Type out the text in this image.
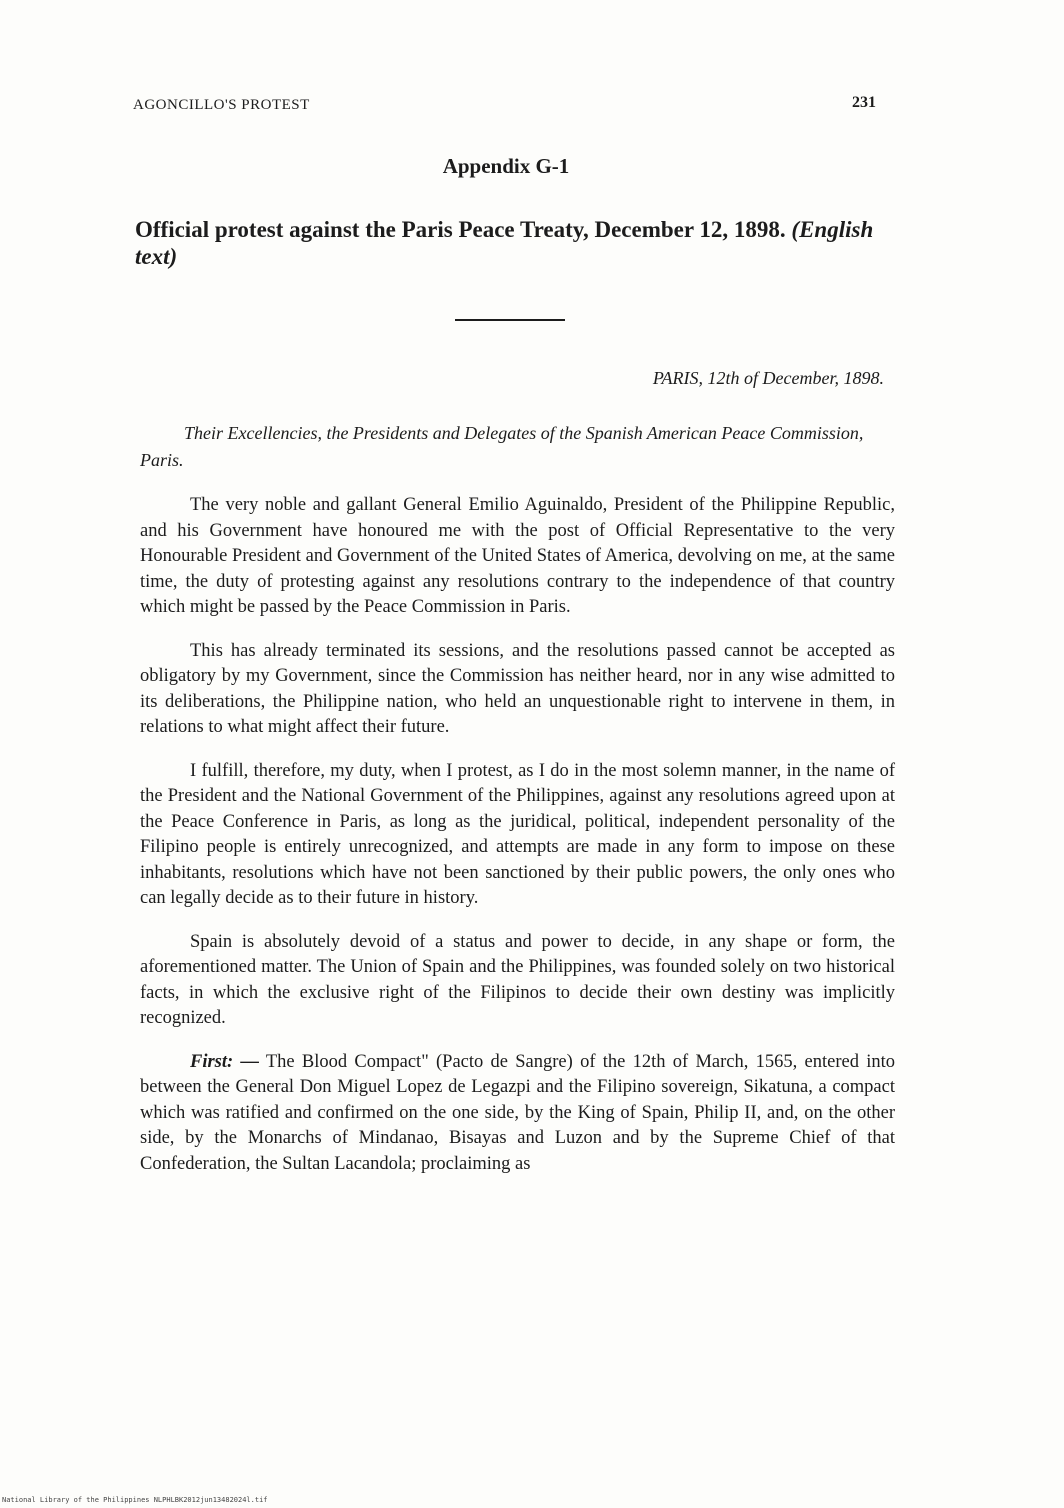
AGONCILLO'S PROTEST	231
Appendix G-1
Official protest against the Paris Peace Treaty, December 12, 1898. (English text)
PARIS, 12th of December, 1898.
Their Excellencies, the Presidents and Delegates of the Spanish American Peace Commission, Paris.

The very noble and gallant General Emilio Aguinaldo, President of the Philippine Republic, and his Government have honoured me with the post of Official Representative to the very Honourable President and Government of the United States of America, devolving on me, at the same time, the duty of protesting against any resolutions contrary to the independence of that country which might be passed by the Peace Commission in Paris.

This has already terminated its sessions, and the resolutions passed cannot be accepted as obligatory by my Government, since the Commission has neither heard, nor in any wise admitted to its deliberations, the Philippine nation, who held an unquestionable right to intervene in them, in relations to what might affect their future.

I fulfill, therefore, my duty, when I protest, as I do in the most solemn manner, in the name of the President and the National Government of the Philippines, against any resolutions agreed upon at the Peace Conference in Paris, as long as the juridical, political, independent personality of the Filipino people is entirely unrecognized, and attempts are made in any form to impose on these inhabitants, resolutions which have not been sanctioned by their public powers, the only ones who can legally decide as to their future in history.

Spain is absolutely devoid of a status and power to decide, in any shape or form, the aforementioned matter. The Union of Spain and the Philippines, was founded solely on two historical facts, in which the exclusive right of the Filipinos to decide their own destiny was implicitly recognized.

First: — The Blood Compact" (Pacto de Sangre) of the 12th of March, 1565, entered into between the General Don Miguel Lopez de Legazpi and the Filipino sovereign, Sikatuna, a compact which was ratified and confirmed on the one side, by the King of Spain, Philip II, and, on the other side, by the Monarchs of Mindanao, Bisayas and Luzon and by the Supreme Chief of that Confederation, the Sultan Lacandola; proclaiming as

National Library of the Philippines NLPHLBK2012jun13482024l.tif
